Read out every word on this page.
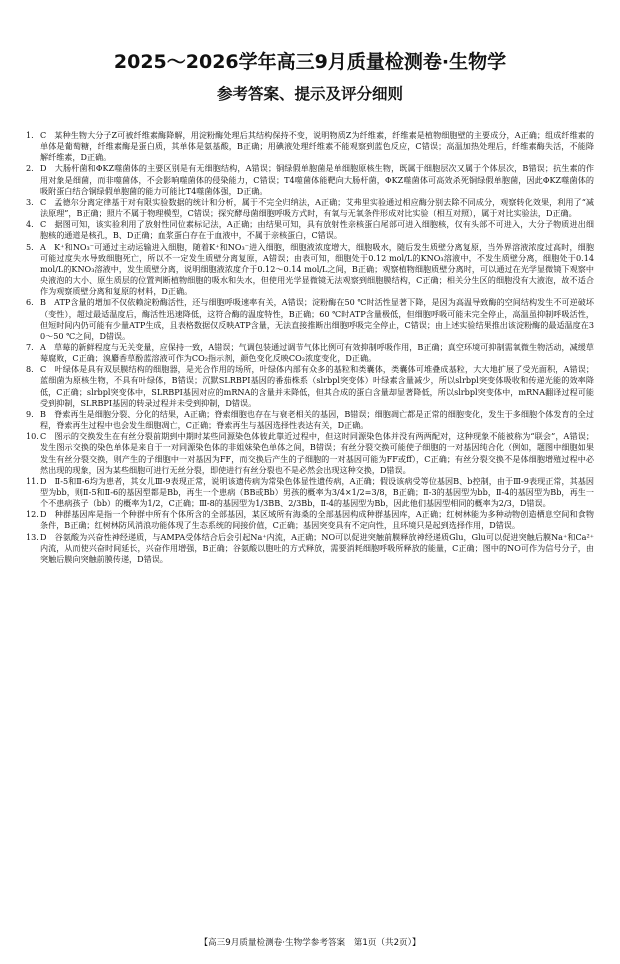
2025～2026学年高三9月质量检测卷·生物学
参考答案、提示及评分细则

1. C　某种生物大分子Z可被纤维素酶降解，用淀粉酶处理后其结构保持不变，说明物质Z为纤维素，纤维素是植物细胞壁的主要成分，A正确；组成纤维素的单体是葡萄糖，纤维素酶是蛋白质，其单体是氨基酸，B正确；用碘液处理纤维素不能观察到蓝色反应，C错误；高温加热处理后，纤维素酶失活，不能降解纤维素，D正确。

2. D　大肠杆菌和ΦKZ噬菌体的主要区别是有无细胞结构，A错误；铜绿假单胞菌是单细胞原核生物，既属于细胞层次又属于个体层次，B错误；抗生素的作用对象是细菌，而非噬菌体，不会影响噬菌体的侵染能力，C错误；T4噬菌体能靶向大肠杆菌，ΦKZ噬菌体可高效杀死铜绿假单胞菌，因此ΦKZ噬菌体的吸附蛋白结合铜绿假单胞菌的能力可能比T4噬菌体强，D正确。

3. C　孟德尔分离定律基于对有限实验数据的统计和分析，属于不完全归纳法，A正确；艾弗里实验通过相应酶分别去除不同成分，观察转化效果，利用了“减法原理”，B正确；照片不属于物理模型，C错误；探究酵母菌细胞呼吸方式时，有氧与无氧条件形成对比实验（相互对照），属于对比实验法，D正确。

4. C　据图可知，该实验利用了放射性同位素标记法，A正确；由结果可知，具有放射性亲核蛋白尾部可进入细胞核，仅有头部不可进入，大分子物质进出细胞核的通道是核孔，B、D正确；血浆蛋白存在于血液中，不属于亲核蛋白，C错误。

5. A　K⁺和NO₃⁻可通过主动运输进入细胞，随着K⁺和NO₃⁻进入细胞，细胞液浓度增大，细胞吸水，随后发生质壁分离复原，当外界溶液浓度过高时，细胞可能过度失水导致细胞死亡，所以不一定发生质壁分离复原，A错误；由表可知，细胞处于0.12 mol/L的KNO₃溶液中，不发生质壁分离，细胞处于0.14 mol/L的KNO₃溶液中，发生质壁分离，说明细胞液浓度介于0.12～0.14 mol/L之间，B正确；观察植物细胞质壁分离时，可以通过在光学显微镜下观察中央液泡的大小、原生质层的位置判断植物细胞的吸水和失水，但使用光学显微镜无法观察到细胞膜结构，C正确；相关分生区的细胞没有大液泡，故不适合作为观察质壁分离和复原的材料，D正确。

6. B　ATP含量的增加不仅依赖淀粉酶活性，还与细胞呼吸速率有关，A错误；淀粉酶在50 ℃时活性显著下降，是因为高温导致酶的空间结构发生不可逆破坏（变性），超过最适温度后，酶活性迅速降低，这符合酶的温度特性，B正确；60 ℃时ATP含量极低，但细胞呼吸可能未完全停止，高温虽抑制呼吸活性，但短时间内仍可能有少量ATP生成，且表格数据仅反映ATP含量，无法直接推断出细胞呼吸完全停止，C错误；由上述实验结果推出该淀粉酶的最适温度在30～50 ℃之间，D错误。

7. A　草莓的新鲜程度与无关变量，应保持一致，A错误；气调包装通过调节气体比例可有效抑制呼吸作用，B正确；真空环境可抑制需氧微生物活动，减缓草莓腐败，C正确；溴麝香草酚蓝溶液可作为CO₂指示剂，颜色变化反映CO₂浓度变化，D正确。

8. C　叶绿体是具有双层膜结构的细胞器，是光合作用的场所，叶绿体内部有众多的基粒和类囊体，类囊体可堆叠成基粒，大大地扩展了受光面积，A错误；蓝细菌为原核生物，不具有叶绿体，B错误；沉默SLRBPI基因的番茄株系（slrbpl突变体）叶绿素含量减少，所以slrbpl突变体吸收和传递光能的效率降低，C正确；slrbpl突变体中，SLRBPI基因对应的mRNA的含量并未降低，但其合成的蛋白含量却显著降低，所以slrbpl突变体中，mRNA翻译过程可能受到抑制，SLRBPI基因的转录过程并未受到抑制，D错误。

9. B　脊索再生是细胞分裂、分化的结果，A正确；脊索细胞也存在与衰老相关的基因，B错误；细胞凋亡都是正常的细胞变化，发生于多细胞个体发育的全过程，脊索再生过程中也会发生细胞凋亡，C正确；脊索再生与基因选择性表达有关，D正确。

10. C　图示的交换发生在有丝分裂前期到中期时某些同源染色体彼此靠近过程中，但这时同源染色体并没有两两配对，这种现象不能被称为“联会”，A错误；发生图示交换的染色单体是来自于一对同源染色体的非姐妹染色单体之间，B错误；有丝分裂交换可能使子细胞的一对基因纯合化（例如，题图中细胞如果发生有丝分裂交换，则产生的子细胞中一对基因为FF，而交换后产生的子细胞的一对基因可能为FF或ff），C正确；有丝分裂交换不是体细胞增殖过程中必然出现的现象，因为某些细胞可进行无丝分裂，即使进行有丝分裂也不是必然会出现这种交换，D错误。

11. D　Ⅱ-5和Ⅱ-6均为患者，其女儿Ⅲ-9表现正常，说明该遗传病为常染色体显性遗传病，A正确；假设该病受等位基因B、b控制，由于Ⅲ-9表现正常，其基因型为bb，则Ⅱ-5和Ⅱ-6的基因型都是Bb，再生一个患病（BB或Bb）男孩的概率为3/4×1/2=3/8，B正确；Ⅱ-3的基因型为bb，Ⅱ-4的基因型为Bb，再生一个不患病孩子（bb）的概率为1/2，C正确；Ⅲ-8的基因型为1/3BB、2/3Bb，Ⅱ-4的基因型为Bb，因此他们基因型相同的概率为2/3，D错误。

12. D　种群基因库是指一个种群中所有个体所含的全部基因，某区域所有海桑的全部基因构成种群基因库，A正确；红树林能为多种动物创造栖息空间和食物条件，B正确；红树林防风消浪功能体现了生态系统的间接价值，C正确；基因突变具有不定向性，且环境只是起到选择作用，D错误。

13. D　谷氨酸为兴奋性神经递质，与AMPA受体结合后会引起Na⁺内流，A正确；NO可以促进突触前膜释放神经递质Glu，Glu可以促进突触后膜Na⁺和Ca²⁺内流，从而使兴奋时间延长，兴奋作用增强，B正确；谷氨酸以胞吐的方式释放，需要消耗细胞呼吸所释放的能量，C正确；图中的NO可作为信号分子，由突触后膜向突触前膜传递，D错误。

【高三9月质量检测卷·生物学参考答案　第1页（共2页）】
